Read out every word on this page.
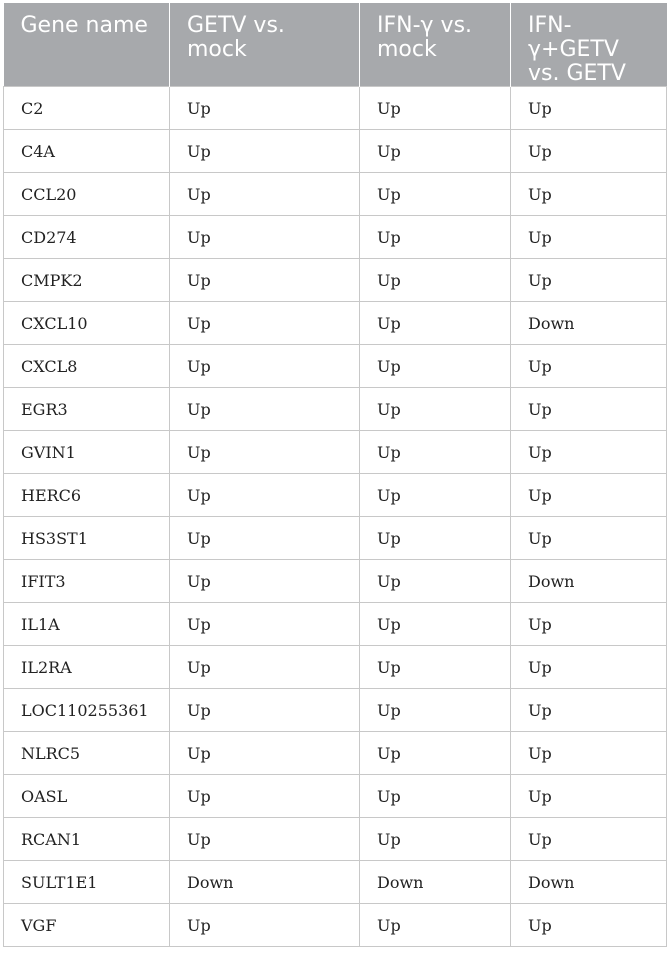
Gene name	GETV vs. mock	IFN-γ vs. mock	IFN-γ+GETV vs. GETV
C2	Up	Up	Up
C4A	Up	Up	Up
CCL20	Up	Up	Up
CD274	Up	Up	Up
CMPK2	Up	Up	Up
CXCL10	Up	Up	Down
CXCL8	Up	Up	Up
EGR3	Up	Up	Up
GVIN1	Up	Up	Up
HERC6	Up	Up	Up
HS3ST1	Up	Up	Up
IFIT3	Up	Up	Down
IL1A	Up	Up	Up
IL2RA	Up	Up	Up
LOC110255361	Up	Up	Up
NLRC5	Up	Up	Up
OASL	Up	Up	Up
RCAN1	Up	Up	Up
SULT1E1	Down	Down	Down
VGF	Up	Up	Up
